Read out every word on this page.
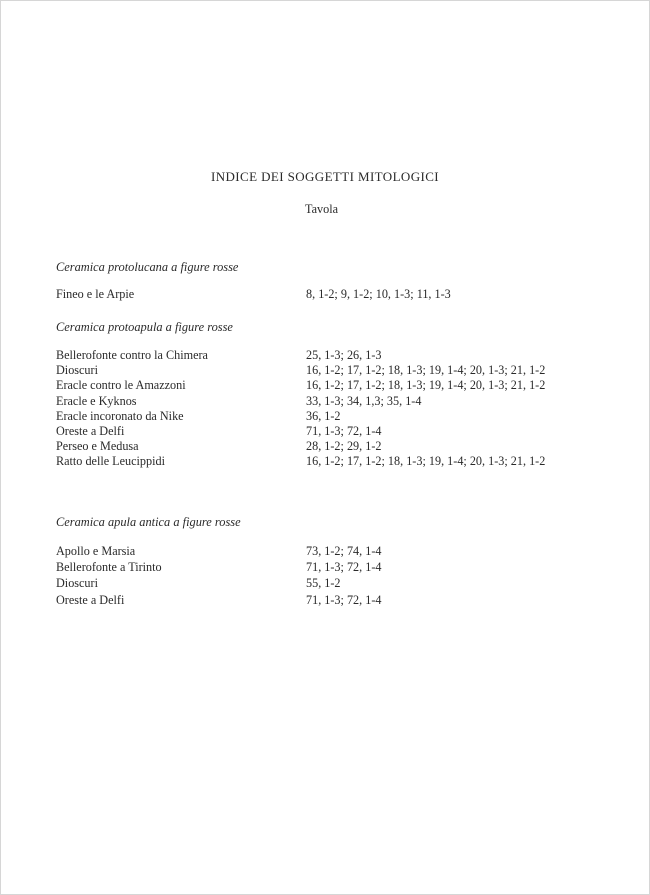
INDICE DEI SOGGETTI MITOLOGICI
Tavola
Ceramica protolucana a figure rosse
Fineo e le Arpie	8, 1-2; 9, 1-2; 10, 1-3; 11, 1-3
Ceramica protoapula a figure rosse
Bellerofonte contro la Chimera	25, 1-3; 26, 1-3
Dioscuri	16, 1-2; 17, 1-2; 18, 1-3; 19, 1-4; 20, 1-3; 21, 1-2
Eracle contro le Amazzoni	16, 1-2; 17, 1-2; 18, 1-3; 19, 1-4; 20, 1-3; 21, 1-2
Eracle e Kyknos	33, 1-3; 34, 1,3; 35, 1-4
Eracle incoronato da Nike	36, 1-2
Oreste a Delfi	71, 1-3; 72, 1-4
Perseo e Medusa	28, 1-2; 29, 1-2
Ratto delle Leucippidi	16, 1-2; 17, 1-2; 18, 1-3; 19, 1-4; 20, 1-3; 21, 1-2
Ceramica apula antica a figure rosse
Apollo e Marsia	73, 1-2; 74, 1-4
Bellerofonte a Tirinto	71, 1-3; 72, 1-4
Dioscuri	55, 1-2
Oreste a Delfi	71, 1-3; 72, 1-4
